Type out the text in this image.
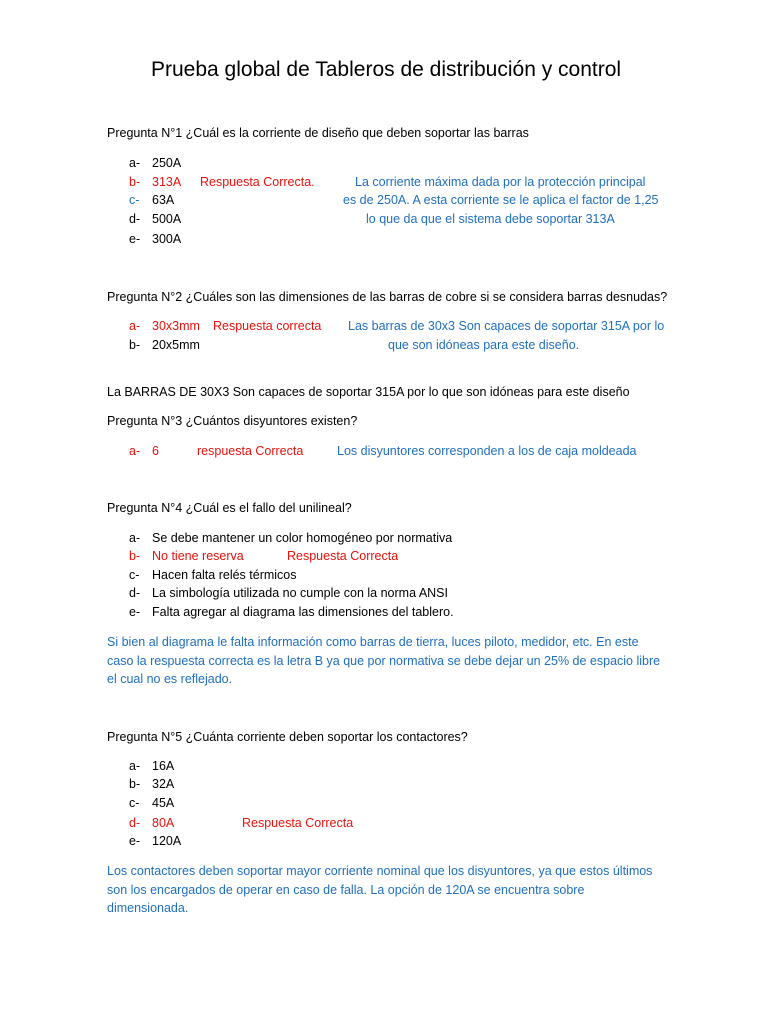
Prueba global de Tableros de distribución y control
Pregunta N°1 ¿Cuál es la corriente de diseño que deben soportar las barras
a- 250A
b- 313A Respuesta Correcta.
c- 63A
d- 500A
e- 300A
La corriente máxima dada por la protección principal
es de 250A. A esta corriente se le aplica el factor de 1,25
lo que da que el sistema debe soportar 313A
Pregunta N°2 ¿Cuáles son las dimensiones de las barras de cobre si se considera barras desnudas?
a- 30x3mm Respuesta correcta
b- 20x5mm
Las barras de 30x3 Son capaces de soportar 315A por lo
que son idóneas para este diseño.
La BARRAS DE 30X3 Son capaces de soportar 315A por lo que son idóneas para este diseño
Pregunta N°3 ¿Cuántos disyuntores existen?
a- 6	respuesta Correcta	Los disyuntores corresponden a los de caja moldeada
Pregunta N°4 ¿Cuál es el fallo del unilineal?
a- Se debe mantener un color homogéneo por normativa
b- No tiene reserva	Respuesta Correcta
c- Hacen falta relés térmicos
d- La simbología utilizada no cumple con la norma ANSI
e- Falta agregar al diagrama las dimensiones del tablero.
Si bien al diagrama le falta información como barras de tierra, luces piloto, medidor, etc. En este
caso la respuesta correcta es la letra B ya que por normativa se debe dejar un 25% de espacio libre
el cual no es reflejado.
Pregunta N°5 ¿Cuánta corriente deben soportar los contactores?
a- 16A
b- 32A
c- 45A
d- 80A	Respuesta Correcta
e- 120A
Los contactores deben soportar mayor corriente nominal que los disyuntores, ya que estos últimos
son los encargados de operar en caso de falla. La opción de 120A se encuentra sobre
dimensionada.
